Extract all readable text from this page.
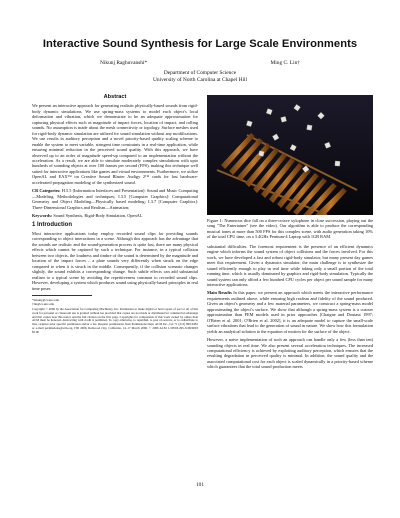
Interactive Sound Synthesis for Large Scale Environments
Nikunj Raghuvanshi*	Ming C. Lin†
Department of Computer Science
University of North Carolina at Chapel Hill
Abstract

We present an interactive approach for generating realistic physically-based sounds from rigid-body dynamic simulations. We use spring-mass systems to model each object's local deformation and vibration, which we demonstrate to be an adequate approximation for capturing physical effects such as magnitude of impact forces, location of impact, and rolling sounds. No assumption is made about the mesh connectivity or topology. Surface meshes used for rigid-body dynamic simulation are utilized for sound simulation without any modifications. We use results in auditory perception and a novel priority-based quality scaling scheme to enable the system to meet variable, stringent time constraints in a real-time application, while ensuring minimal reduction in the perceived sound quality. With this approach, we have observed up to an order of magnitude speed-up compared to an implementation without the acceleration. As a result, we are able to simulate moderately complex simulations with upto hundreds of sounding objects at over 100 frames per second (FPS), making this technique well suited for interactive applications like games and virtual environments. Furthermore, we utilize OpenAL and EAX™ on Creative Sound Blaster Audigy 2™ cards for fast hardware-accelerated propagation modeling of the synthesized sound.

CR Categories: H.5.5 [Information Interfaces and Presentation]: Sound and Music Computing—Modeling, Methodologies and techniques; I.3.5 [Computer Graphics]: Computational Geometry and Object Modeling—Physically based modeling; I.3.7 [Computer Graphics]: Three-Dimensional Graphics and Realism—Animation;

Keywords: Sound Synthesis, Rigid-Body Simulation, OpenAL

1 Introduction

Most interactive applications today employ recorded sound clips for providing sounds corresponding to object interactions in a scene. Although this approach has the advantage that the sounds are realistic and the sound-generation process is quite fast, there are many physical effects which cannot be captured by such a technique. For instance, in a typical collision between two objects, the loudness and timbre of the sound is determined by the magnitude and location of the impact forces – a plate sounds very differently when struck on the edge compared to when it is struck in the middle. Consequently, if the collision scenario changes slightly, the sound exhibits a corresponding change. Such subtle effects can add substantial realism to a typical scene by avoiding the repetitiveness common to recorded sound clips. However, developing a system which produces sound using physically-based principles in real time poses

*nikunj@cs.unc.edu
†lin@cs.unc.edu
Copyright © 2006 by the Association for Computing Machinery, Inc. Permission to make digital or hard copies of part or all of this work for personal or classroom use is granted without fee provided that copies are not made or distributed for commercial advantage and that copies bear this notice and the full citation on the first page. Copyrights for components of this work owned by others than ACM must be honored. Abstracting with credit is permitted. To copy otherwise, to republish, to post on servers, or to redistribute to lists, requires prior specific permission and/or a fee. Request permissions from Permissions Dept, ACM Inc., fax +1 (212) 869-0481 or e-mail permissions@acm.org. I3D 2006, Redwood City, California, 14–17 March 2006. © 2006 ACM 1-59593-295-X/06/0003 $5.00
Figure 1: Numerous dice fall on a three-octave xylophone in close succession, playing out the song "The Entertainer" (see the video). Our algorithm is able to produce the corresponding musical tones at more than 500 FPS for this complex scene, with audio generation taking 10% of the total CPU time, on a 3.4GHz Pentium-4 Laptop with 1GB RAM.

substantial difficulties. The foremost requirement is the presence of an efficient dynamics engine which informs the sound system of object collisions and the forces involved. For this work, we have developed a fast and robust rigid-body simulator, but many present day games meet this requirement. Given a dynamics simulator, the main challenge is to synthesize the sound efficiently enough to play in real time while taking only a small portion of the total running time, which is usually dominated by graphics and rigid-body simulation. Typically the sound system can only afford a few hundred CPU cycles per object per sound sample for many interactive applications.

Main Results In this paper, we present an approach which meets the interactive performance requirements outlined above, while ensuring high realism and fidelity of the sound produced. Given an object's geometry and a few material parameters, we construct a spring-mass model approximating the object's surface. We show that although a spring-mass system is a coarser approximation than FEM models used in prior approaches [Chaigne and Doutaut 1997; O'Brien et al. 2001; O'Brien et al. 2002], it is an adequate model to capture the small-scale surface vibrations that lead to the generation of sound in nature. We show how this formulation yields an analytical solution to the equation of motion for the surface of the object.

However, a naïve implementation of such an approach can handle only a few (less than ten) sounding objects in real time. We also present several acceleration techniques. The increased computational efficiency is achieved by exploiting auditory perception, which ensures that the resulting degradation in perceived quality is minimal. In addition, the sound quality and the associated computational cost for each object is scaled dynamically in a priority-based scheme which guarantees that the total sound production meets

101
